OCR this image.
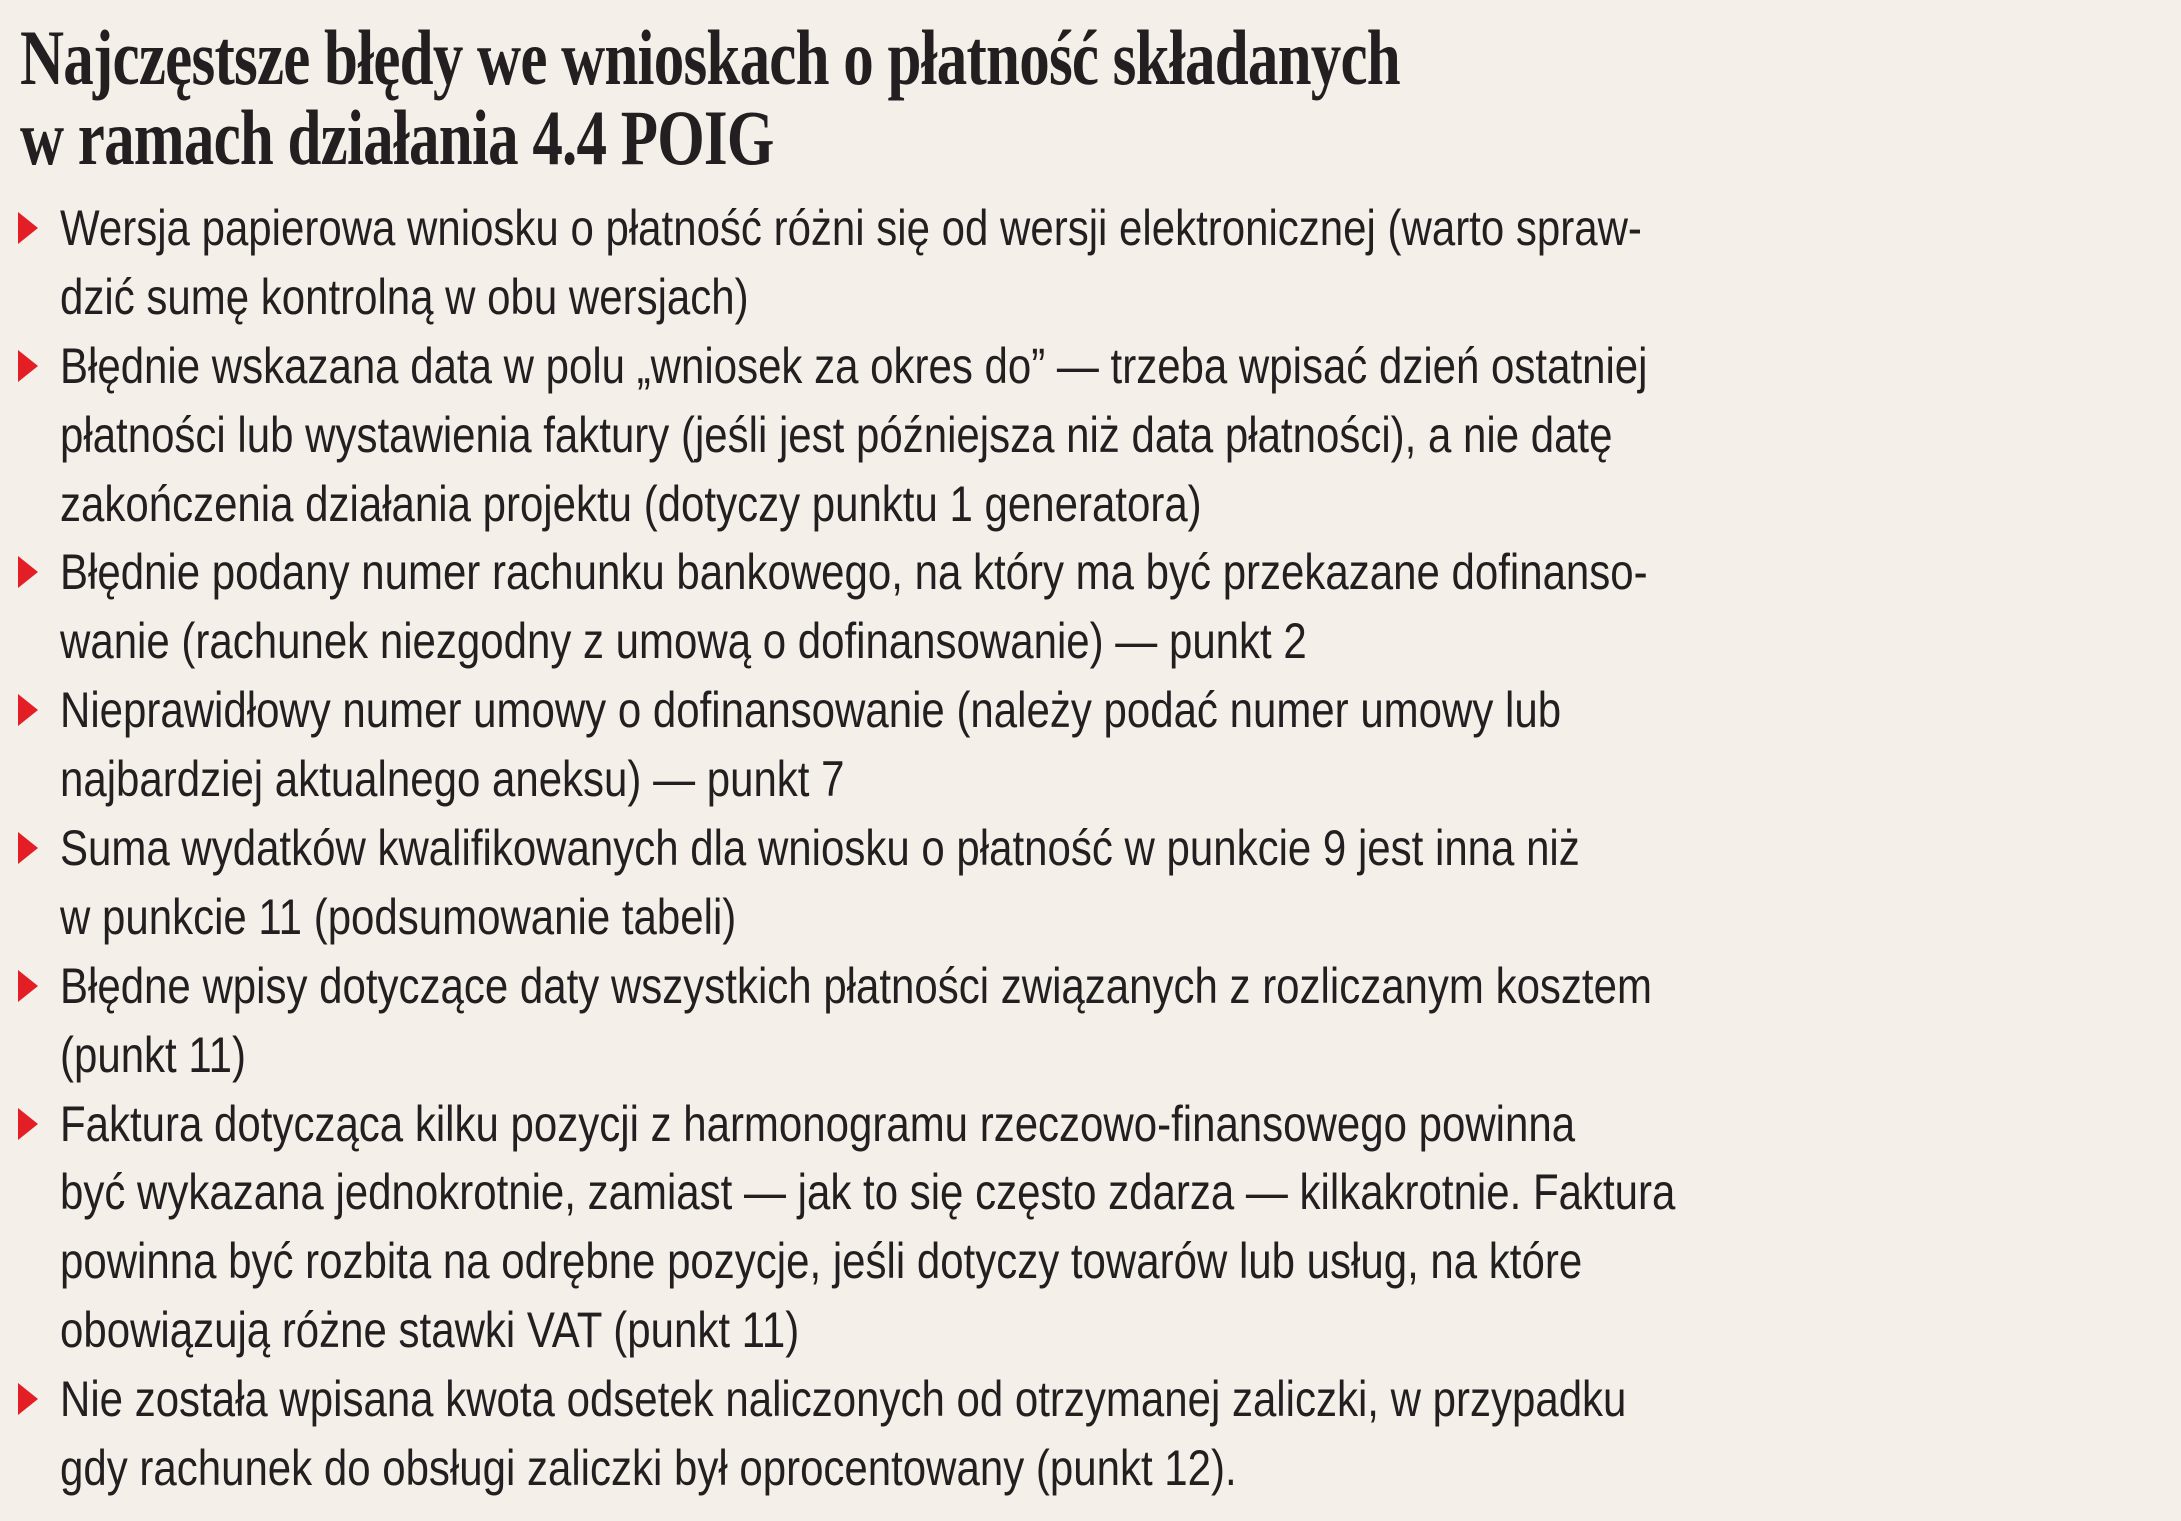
Najczęstsze błędy we wnioskach o płatność składanych
w ramach działania 4.4 POIG
Wersja papierowa wniosku o płatność różni się od wersji elektronicznej (warto spraw-
dzić sumę kontrolną w obu wersjach)
Błędnie wskazana data w polu „wniosek za okres do” — trzeba wpisać dzień ostatniej
płatności lub wystawienia faktury (jeśli jest późniejsza niż data płatności), a nie datę
zakończenia działania projektu (dotyczy punktu 1 generatora)
Błędnie podany numer rachunku bankowego, na który ma być przekazane dofinanso-
wanie (rachunek niezgodny z umową o dofinansowanie) — punkt 2
Nieprawidłowy numer umowy o dofinansowanie (należy podać numer umowy lub
najbardziej aktualnego aneksu) — punkt 7
Suma wydatków kwalifikowanych dla wniosku o płatność w punkcie 9 jest inna niż
w punkcie 11 (podsumowanie tabeli)
Błędne wpisy dotyczące daty wszystkich płatności związanych z rozliczanym kosztem
(punkt 11)
Faktura dotycząca kilku pozycji z harmonogramu rzeczowo-finansowego powinna
być wykazana jednokrotnie, zamiast — jak to się często zdarza — kilkakrotnie. Faktura
powinna być rozbita na odrębne pozycje, jeśli dotyczy towarów lub usług, na które
obowiązują różne stawki VAT (punkt 11)
Nie została wpisana kwota odsetek naliczonych od otrzymanej zaliczki, w przypadku
gdy rachunek do obsługi zaliczki był oprocentowany (punkt 12).
